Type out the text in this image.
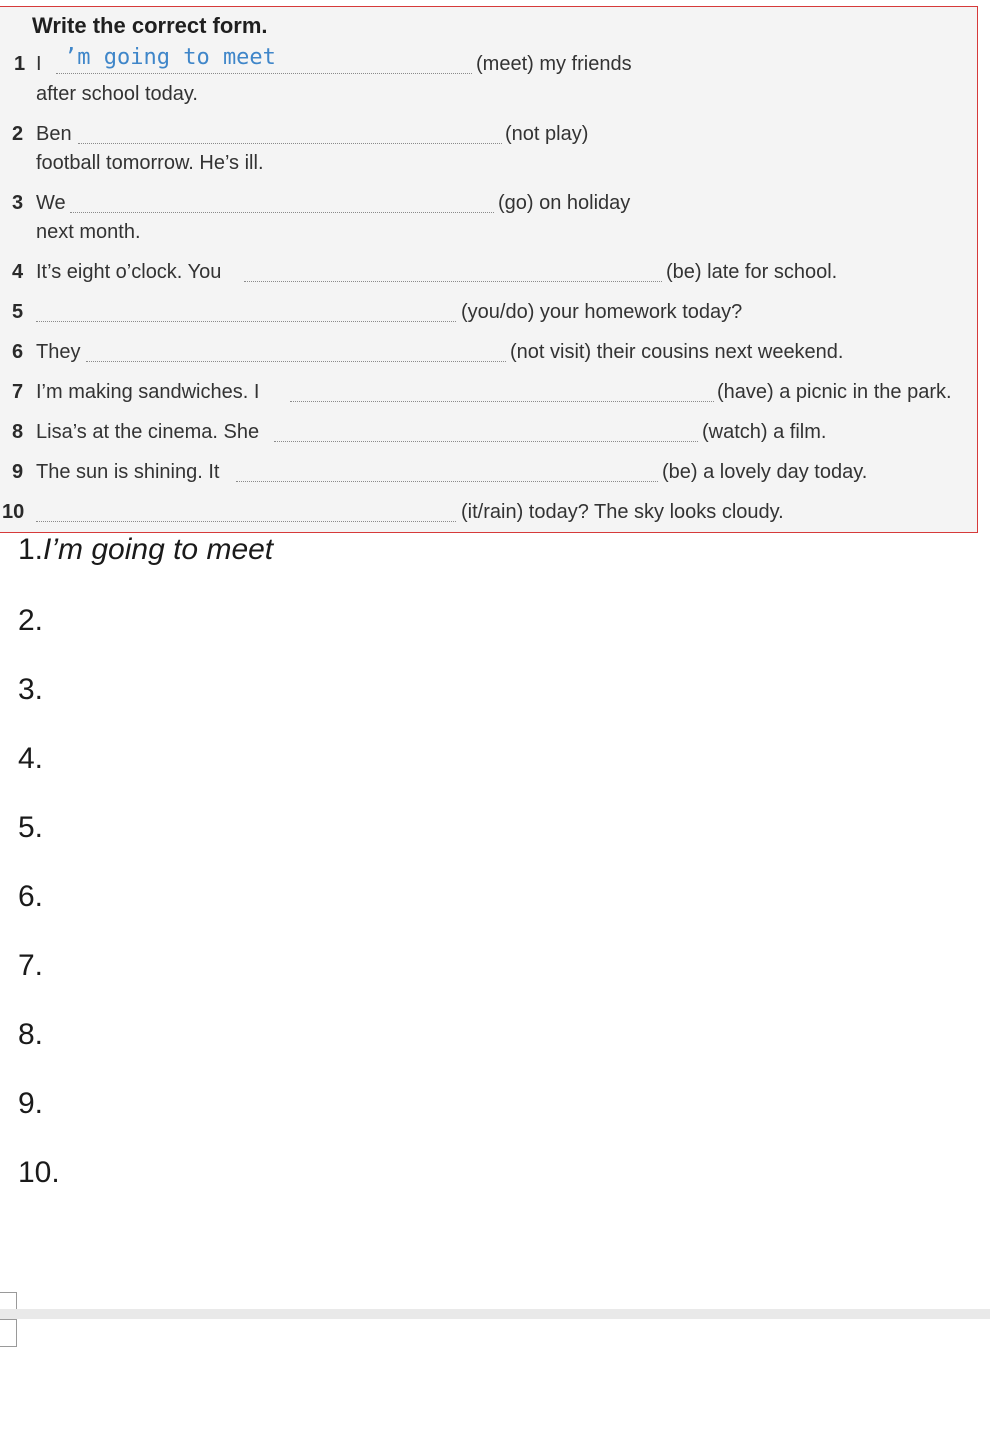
Write the correct form.
1 I ’m going to meet	(meet) my friends
after school today.
2 Ben	(not play)
football tomorrow. He’s ill.
3 We	(go) on holiday
next month.
4 It’s eight o’clock. You	(be) late for school.
5	(you/do) your homework today?
6 They	(not visit) their cousins next weekend.
7 I’m making sandwiches. I	(have) a picnic in the park.
8 Lisa’s at the cinema. She	(watch) a film.
9 The sun is shining. It	(be) a lovely day today.
10	(it/rain) today? The sky looks cloudy.
1.I’m going to meet
2.
3.
4.
5.
6.
7.
8.
9.
10.
